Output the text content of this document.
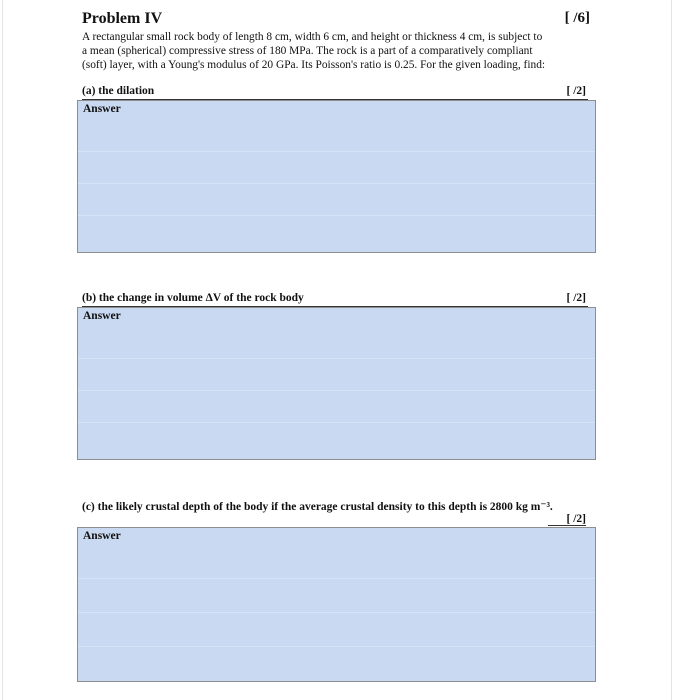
Problem IV	[ /6]
A rectangular small rock body of length 8 cm, width 6 cm, and height or thickness 4 cm, is subject to
a mean (spherical) compressive stress of 180 MPa. The rock is a part of a comparatively compliant
(soft) layer, with a Young's modulus of 20 GPa. Its Poisson's ratio is 0.25. For the given loading, find:
(a) the dilation	[ /2]
Answer
(b) the change in volume ΔV of the rock body	[ /2]
Answer
(c) the likely crustal depth of the body if the average crustal density to this depth is 2800 kg m⁻³.
[ /2]
Answer
